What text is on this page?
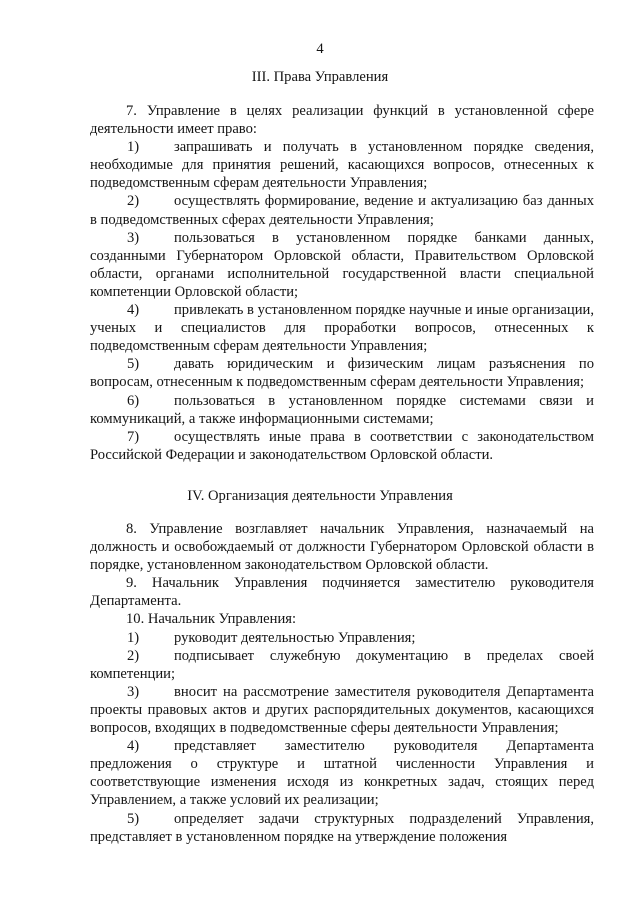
4
III. Права Управления

7. Управление в целях реализации функций в установленной сфере деятельности имеет право:

1) запрашивать и получать в установленном порядке сведения, необходимые для принятия решений, касающихся вопросов, отнесенных к подведомственным сферам деятельности Управления;

2) осуществлять формирование, ведение и актуализацию баз данных в подведомственных сферах деятельности Управления;

3) пользоваться в установленном порядке банками данных, созданными Губернатором Орловской области, Правительством Орловской области, органами исполнительной государственной власти специальной компетенции Орловской области;

4) привлекать в установленном порядке научные и иные организации, ученых и специалистов для проработки вопросов, отнесенных к подведомственным сферам деятельности Управления;

5) давать юридическим и физическим лицам разъяснения по вопросам, отнесенным к подведомственным сферам деятельности Управления;

6) пользоваться в установленном порядке системами связи и коммуникаций, а также информационными системами;

7) осуществлять иные права в соответствии с законодательством Российской Федерации и законодательством Орловской области.

IV. Организация деятельности Управления

8. Управление возглавляет начальник Управления, назначаемый на должность и освобождаемый от должности Губернатором Орловской области в порядке, установленном законодательством Орловской области.

9. Начальник Управления подчиняется заместителю руководителя Департамента.

10. Начальник Управления:

1) руководит деятельностью Управления;

2) подписывает служебную документацию в пределах своей компетенции;

3) вносит на рассмотрение заместителя руководителя Департамента проекты правовых актов и других распорядительных документов, касающихся вопросов, входящих в подведомственные сферы деятельности Управления;

4) представляет заместителю руководителя Департамента предложения о структуре и штатной численности Управления и соответствующие изменения исходя из конкретных задач, стоящих перед Управлением, а также условий их реализации;

5) определяет задачи структурных подразделений Управления, представляет в установленном порядке на утверждение положения
